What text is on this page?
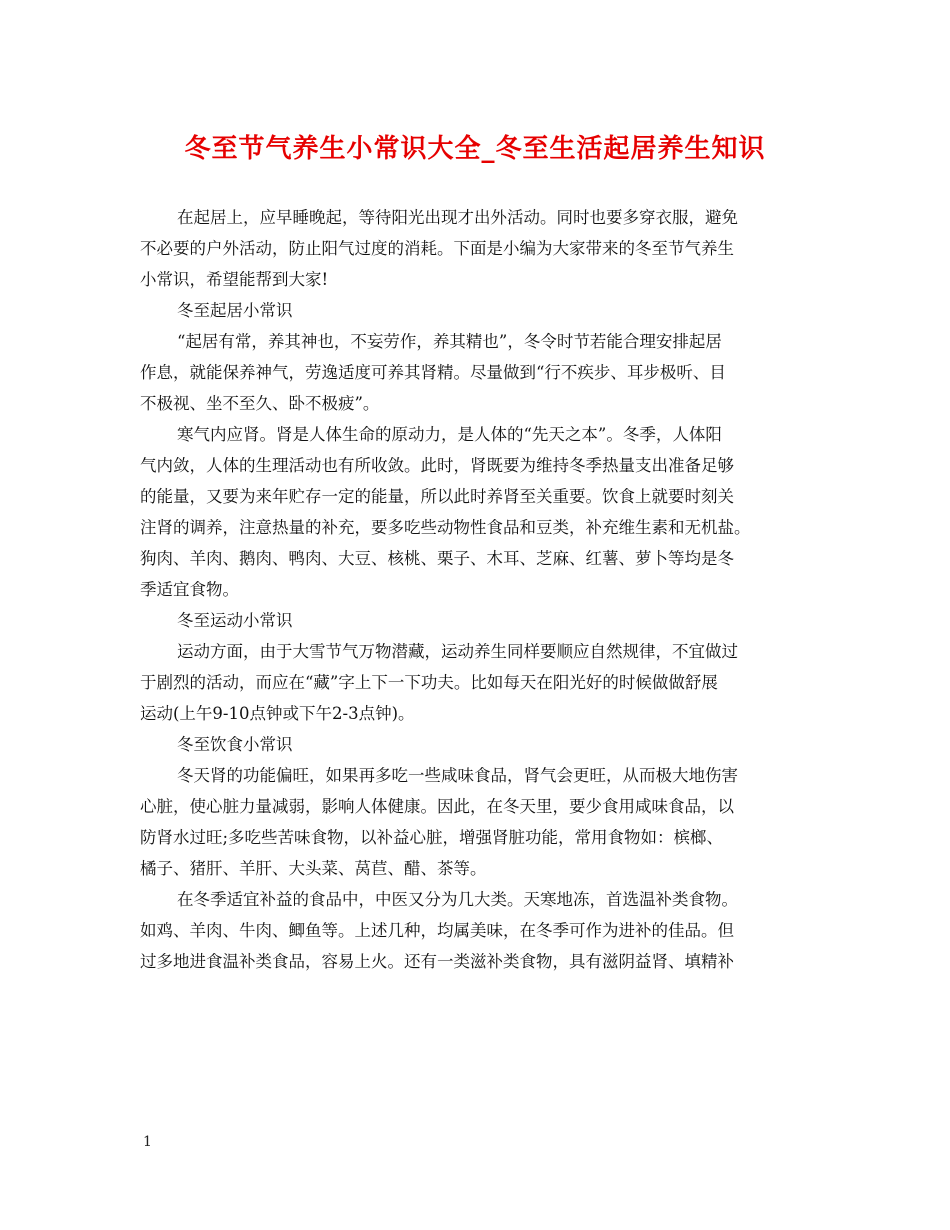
冬至节气养生小常识大全_冬至生活起居养生知识
在起居上，应早睡晚起，等待阳光出现才出外活动。同时也要多穿衣服，避免
不必要的户外活动，防止阳气过度的消耗。下面是小编为大家带来的冬至节气养生
小常识，希望能帮到大家!
冬至起居小常识
“起居有常，养其神也，不妄劳作，养其精也”，冬令时节若能合理安排起居
作息，就能保养神气，劳逸适度可养其肾精。尽量做到“行不疾步、耳步极听、目
不极视、坐不至久、卧不极疲”。
寒气内应肾。肾是人体生命的原动力，是人体的“先天之本”。冬季，人体阳
气内敛，人体的生理活动也有所收敛。此时，肾既要为维持冬季热量支出准备足够
的能量，又要为来年贮存一定的能量，所以此时养肾至关重要。饮食上就要时刻关
注肾的调养，注意热量的补充，要多吃些动物性食品和豆类，补充维生素和无机盐。
狗肉、羊肉、鹅肉、鸭肉、大豆、核桃、栗子、木耳、芝麻、红薯、萝卜等均是冬
季适宜食物。
冬至运动小常识
运动方面，由于大雪节气万物潜藏，运动养生同样要顺应自然规律，不宜做过
于剧烈的活动，而应在“藏”字上下一下功夫。比如每天在阳光好的时候做做舒展
运动(上午9-10点钟或下午2-3点钟)。
冬至饮食小常识
冬天肾的功能偏旺，如果再多吃一些咸味食品，肾气会更旺，从而极大地伤害
心脏，使心脏力量减弱，影响人体健康。因此，在冬天里，要少食用咸味食品，以
防肾水过旺;多吃些苦味食物，以补益心脏，增强肾脏功能，常用食物如：槟榔、
橘子、猪肝、羊肝、大头菜、莴苣、醋、茶等。
在冬季适宜补益的食品中，中医又分为几大类。天寒地冻，首选温补类食物。
如鸡、羊肉、牛肉、鲫鱼等。上述几种，均属美味，在冬季可作为进补的佳品。但
过多地进食温补类食品，容易上火。还有一类滋补类食物，具有滋阴益肾、填精补
1
